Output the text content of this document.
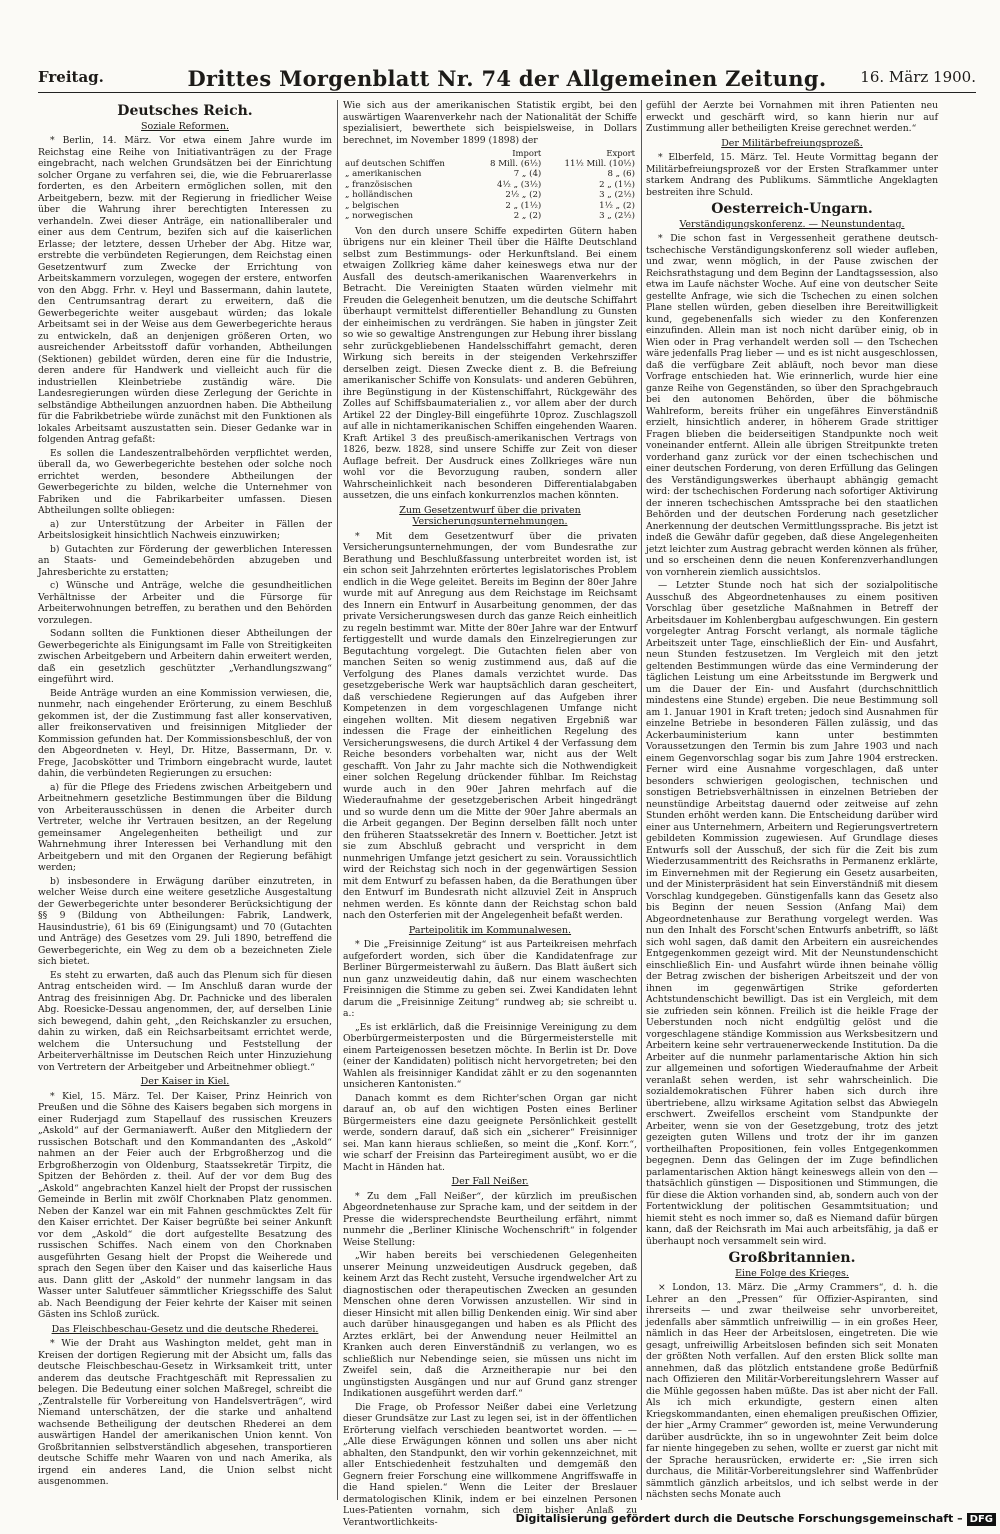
Freitag.	Drittes Morgenblatt Nr. 74 der Allgemeinen Zeitung.	16. März 1900.
Deutsches Reich.
Soziale Reformen.

* Berlin, 14. März. Vor etwa einem Jahre wurde im Reichstag eine Reihe von Initiativanträgen zu der Frage eingebracht, nach welchen Grundsätzen bei der Einrichtung solcher Organe zu verfahren sei, die, wie die Februarerlasse forderten, es den Arbeitern ermöglichen sollen, mit den Arbeitgebern, bezw. mit der Regierung in friedlicher Weise über die Wahrung ihrer berechtigten Interessen zu verhandeln. Zwei dieser Anträge, ein nationalliberaler und einer aus dem Centrum, bezifen sich auf die kaiserlichen Erlasse; der letztere, dessen Urheber der Abg. Hitze war, erstrebte die verbündeten Regierungen, dem Reichstag einen Gesetzentwurf zum Zwecke der Errichtung von Arbeitskammern vorzulegen, wogegen der erstere, entworfen von den Abgg. Frhr. v. Heyl und Bassermann, dahin lautete, den Centrumsantrag derart zu erweitern, daß die Gewerbegerichte weiter ausgebaut würden; das lokale Arbeitsamt sei in der Weise aus dem Gewerbegerichte heraus zu entwickeln, daß an denjenigen größeren Orten, wo ausreichender Arbeitsstoff dafür vorhanden, Abtheilungen (Sektionen) gebildet würden, deren eine für die Industrie, deren andere für Handwerk und vielleicht auch für die industriellen Kleinbetriebe zuständig wäre. Die Landesregierungen würden diese Zerlegung der Gerichte in selbständige Abtheilungen anzuordnen haben. Die Abtheilung für die Fabrikbetriebe würde zunächst mit den Funktionen als lokales Arbeitsamt auszustatten sein. Dieser Gedanke war in folgenden Antrag gefaßt:

Es sollen die Landeszentralbehörden verpflichtet werden, überall da, wo Gewerbegerichte bestehen oder solche noch errichtet werden, besondere Abtheilungen der Gewerbegerichte zu bilden, welche die Unternehmer von Fabriken und die Fabrikarbeiter umfassen. Diesen Abtheilungen sollte obliegen:

a) zur Unterstützung der Arbeiter in Fällen der Arbeitslosigkeit hinsichtlich Nachweis einzuwirken;

b) Gutachten zur Förderung der gewerblichen Interessen an Staats- und Gemeindebehörden abzugeben und Jahresberichte zu erstatten;

c) Wünsche und Anträge, welche die gesundheitlichen Verhältnisse der Arbeiter und die Fürsorge für Arbeiterwohnungen betreffen, zu berathen und den Behörden vorzulegen.

Sodann sollten die Funktionen dieser Abtheilungen der Gewerbegerichte als Einigungsamt im Falle von Streitigkeiten zwischen Arbeitgebern und Arbeitern dahin erweitert werden, daß ein gesetzlich geschützter „Verhandlungszwang“ eingeführt wird.

Beide Anträge wurden an eine Kommission verwiesen, die, nunmehr, nach eingehender Erörterung, zu einem Beschluß gekommen ist, der die Zustimmung fast aller konservativen, aller freikonservativen und freisinnigen Mitglieder der Kommission gefunden hat. Der Kommissionsbeschluß, der von den Abgeordneten v. Heyl, Dr. Hitze, Bassermann, Dr. v. Frege, Jacobskötter und Trimborn eingebracht wurde, lautet dahin, die verbündeten Regierungen zu ersuchen:

a) für die Pflege des Friedens zwischen Arbeitgebern und Arbeitnehmern gesetzliche Bestimmungen über die Bildung von Arbeiterausschüssen in denen die Arbeiter durch Vertreter, welche ihr Vertrauen besitzen, an der Regelung gemeinsamer Angelegenheiten betheiligt und zur Wahrnehmung ihrer Interessen bei Verhandlung mit den Arbeitgebern und mit den Organen der Regierung befähigt werden;

b) insbesondere in Erwägung darüber einzutreten, in welcher Weise durch eine weitere gesetzliche Ausgestaltung der Gewerbegerichte unter besonderer Berücksichtigung der §§ 9 (Bildung von Abtheilungen: Fabrik, Landwerk, Hausindustrie), 61 bis 69 (Einigungsamt) und 70 (Gutachten und Anträge) des Gesetzes vom 29. Juli 1890, betreffend die Gewerbegerichte, ein Weg zu dem ob a bezeichneten Ziele sich bietet.

Es steht zu erwarten, daß auch das Plenum sich für diesen Antrag entscheiden wird. — Im Anschluß daran wurde der Antrag des freisinnigen Abg. Dr. Pachnicke und des liberalen Abg. Roesicke-Dessau angenommen, der, auf derselben Linie sich bewegend, dahin geht, „den Reichskanzler zu ersuchen, dahin zu wirken, daß ein Reichsarbeitsamt errichtet werde, welchem die Untersuchung und Feststellung der Arbeiterverhältnisse im Deutschen Reich unter Hinzuziehung von Vertretern der Arbeitgeber und Arbeitnehmer obliegt.“

Der Kaiser in Kiel.

* Kiel, 15. März. Tel. Der Kaiser, Prinz Heinrich von Preußen und die Söhne des Kaisers begaben sich morgens in einer Ruderjagd zum Stapellauf des russischen Kreuzers „Askold“ auf der Germaniawerft. Außer den Mitgliedern der russischen Botschaft und den Kommandanten des „Askold“ nahmen an der Feier auch der Erbgroßherzog und die Erbgroßherzogin von Oldenburg, Staatssekretär Tirpitz, die Spitzen der Behörden z. theil. Auf der vor dem Bug des „Askold“ angebrachten Kanzel hielt der Propst der russischen Gemeinde in Berlin mit zwölf Chorknaben Platz genommen. Neben der Kanzel war ein mit Fahnen geschmücktes Zelt für den Kaiser errichtet. Der Kaiser begrüßte bei seiner Ankunft vor dem „Askold“ die dort aufgestellte Besatzung des russischen Schiffes. Nach einem von den Chorknaben ausgeführten Gesang hielt der Propst die Weiherede und sprach den Segen über den Kaiser und das kaiserliche Haus aus. Dann glitt der „Askold“ der nunmehr langsam in das Wasser unter Salutfeuer sämmtlicher Kriegsschiffe des Salut ab. Nach Beendigung der Feier kehrte der Kaiser mit seinen Gästen ins Schloß zurück.

Das Fleischbeschau-Gesetz und die deutsche Rhederei.

* Wie der Draht aus Washington meldet, geht man in Kreisen der dortigen Regierung mit der Absicht um, falls das deutsche Fleischbeschau-Gesetz in Wirksamkeit tritt, unter anderem das deutsche Frachtgeschäft mit Repressalien zu belegen. Die Bedeutung einer solchen Maßregel, schreibt die „Zentralstelle für Vorbereitung von Handelsverträgen“, wird Niemand unterschätzen, der die starke und anhaltend wachsende Betheiligung der deutschen Rhederei an dem auswärtigen Handel der amerikanischen Union kennt. Von Großbritannien selbstverständlich abgesehen, transportieren deutsche Schiffe mehr Waaren von und nach Amerika, als irgend ein anderes Land, die Union selbst nicht ausgenommen.

Wie sich aus der amerikanischen Statistik ergibt, bei den auswärtigen Waarenverkehr nach der Nationalität der Schiffe spezialisiert, bewerthete sich beispielsweise, in Dollars berechnet, im November 1899 (1898) der

	Import	Export
auf deutschen Schiffen	8 Mill. (6½)	11½ Mill. (10½)
„ amerikanischen	7 „ (4)	8 „ (6)
„ französischen	4½ „ (3½)	2 „ (1½)
„ holländischen	2½ „ (2)	3 „ (2½)
„ belgischen	2 „ (1½)	1½ „ (2)
„ norwegischen	2 „ (2)	3 „ (2½)

Von den durch unsere Schiffe expedirten Gütern haben übrigens nur ein kleiner Theil über die Hälfte Deutschland selbst zum Bestimmungs- oder Herkunftsland. Bei einem etwaigen Zollkrieg käme daher keineswegs etwa nur der Ausfall des deutsch-amerikanischen Waarenverkehrs in Betracht. Die Vereinigten Staaten würden vielmehr mit Freuden die Gelegenheit benutzen, um die deutsche Schiffahrt überhaupt vermittelst differentieller Behandlung zu Gunsten der einheimischen zu verdrängen. Sie haben in jüngster Zeit so wie so gewaltige Anstrengungen zur Hebung ihrer bisslang sehr zurückgebliebenen Handelsschiffahrt gemacht, deren Wirkung sich bereits in der steigenden Verkehrsziffer derselben zeigt. Diesen Zwecke dient z. B. die Befreiung amerikanischer Schiffe von Konsulats- und anderen Gebühren, ihre Begünstigung in der Küstenschiffahrt, Rückgewähr des Zolles auf Schiffsbaumaterialien z., vor allem aber der durch Artikel 22 der Dingley-Bill eingeführte 10proz. Zuschlagszoll auf alle in nichtamerikanischen Schiffen eingehenden Waaren. Kraft Artikel 3 des preußisch-amerikanischen Vertrags von 1826, bezw. 1828, sind unsere Schiffe zur Zeit von dieser Auflage befreit. Der Ausdruck eines Zollkrieges wäre nun wohl vor die Bevorzugung rauben, sondern aller Wahrscheinlichkeit nach besonderen Differentialabgaben aussetzen, die uns einfach konkurrenzlos machen könnten.

Zum Gesetzentwurf über die privaten Versicherungsunternehmungen.

* Mit dem Gesetzentwurf über die privaten Versicherungsunternehmungen, der vom Bundesrathe zur Berathung und Beschlußfassung unterbreitet worden ist, ist ein schon seit Jahrzehnten erörtertes legislatorisches Problem endlich in die Wege geleitet. Bereits im Beginn der 80er Jahre wurde mit auf Anregung aus dem Reichstage im Reichsamt des Innern ein Entwurf in Ausarbeitung genommen, der das private Versicherungswesen durch das ganze Reich einheitlich zu regeln bestimmt war. Mitte der 80er Jahre war der Entwurf fertiggestellt und wurde damals den Einzelregierungen zur Begutachtung vorgelegt. Die Gutachten fielen aber von manchen Seiten so wenig zustimmend aus, daß auf die Verfolgung des Planes damals verzichtet wurde. Das gesetzgeberische Werk war hauptsächlich daran gescheitert, daß verschiedene Regierungen auf das Aufgeben ihrer Kompetenzen in dem vorgeschlagenen Umfange nicht eingehen wollten. Mit diesem negativen Ergebniß war indessen die Frage der einheitlichen Regelung des Versicherungswesens, die durch Artikel 4 der Verfassung dem Reiche besonders vorbehalten war, nicht aus der Welt geschafft. Von Jahr zu Jahr machte sich die Nothwendigkeit einer solchen Regelung drückender fühlbar. Im Reichstag wurde auch in den 90er Jahren mehrfach auf die Wiederaufnahme der gesetzgeberischen Arbeit hingedrängt und so wurde denn um die Mitte der 90er Jahre abermals an die Arbeit gegangen. Der Beginn derselben fällt noch unter den früheren Staatssekretär des Innern v. Boetticher. Jetzt ist sie zum Abschluß gebracht und verspricht in dem nunmehrigen Umfange jetzt gesichert zu sein. Voraussichtlich wird der Reichstag sich noch in der gegenwärtigen Session mit dem Entwurf zu befassen haben, da die Berathungen über den Entwurf im Bundesrath nicht allzuviel Zeit in Anspruch nehmen werden. Es könnte dann der Reichstag schon bald nach den Osterferien mit der Angelegenheit befaßt werden.

Parteipolitik im Kommunalwesen.

* Die „Freisinnige Zeitung“ ist aus Parteikreisen mehrfach aufgefordert worden, sich über die Kandidatenfrage zur Berliner Bürgermeisterwahl zu äußern. Das Blatt äußert sich nun ganz unzweideutig dahin, daß nur einem waschechten Freisinnigen die Stimme zu geben sei. Zwei Kandidaten lehnt darum die „Freisinnige Zeitung“ rundweg ab; sie schreibt u. a.:

„Es ist erklärlich, daß die Freisinnige Vereinigung zu dem Oberbürgermeisterposten und die Bürgermeisterstelle mit einem Parteigenossen besetzen möchte. In Berlin ist Dr. Dove (einer der Kandidaten) politisch nicht hervorgetreten; bei den Wahlen als freisinniger Kandidat zählt er zu den sogenannten unsicheren Kantonisten.“

Danach kommt es dem Richter'schen Organ gar nicht darauf an, ob auf den wichtigen Posten eines Berliner Bürgermeisters eine dazu geeignete Persönlichkeit gestellt werde, sondern darauf, daß sich ein „sicherer“ Freisinniger sei. Man kann hieraus schließen, so meint die „Konf. Korr.“, wie scharf der Freisinn das Parteiregiment ausübt, wo er die Macht in Händen hat.

Der Fall Neißer.

* Zu dem „Fall Neißer“, der kürzlich im preußischen Abgeordnetenhause zur Sprache kam, und der seitdem in der Presse die widersprechendste Beurtheilung erfährt, nimmt nunmehr die „Berliner Klinische Wochenschrift“ in folgender Weise Stellung:

„Wir haben bereits bei verschiedenen Gelegenheiten unserer Meinung unzweideutigen Ausdruck gegeben, daß keinem Arzt das Recht zusteht, Versuche irgendwelcher Art zu diagnostischen oder therapeutischen Zwecken an gesunden Menschen ohne deren Vorwissen anzustellen. Wir sind in dieser Hinsicht mit allen billig Denkenden einig. Wir sind aber auch darüber hinausgegangen und haben es als Pflicht des Arztes erklärt, bei der Anwendung neuer Heilmittel an Kranken auch deren Einverständniß zu verlangen, wo es schließlich nur Nebendinge seien, sie müssen uns nicht im Zweifel sein, daß die Arzneitherapie nur bei den ungünstigsten Ausgängen und nur auf Grund ganz strenger Indikationen ausgeführt werden darf.“

Die Frage, ob Professor Neißer dabei eine Verletzung dieser Grundsätze zur Last zu legen sei, ist in der öffentlichen Erörterung vielfach verschieden beantwortet worden. — — „Alle diese Erwägungen können und sollen uns aber nicht abhalten, den Standpunkt, den wir vorhin gekennzeichnet, mit aller Entschiedenheit festzuhalten und demgemäß den Gegnern freier Forschung eine willkommene Angriffswaffe in die Hand spielen.“ Wenn die Leiter der Breslauer dermatologischen Klinik, indem er bei einzelnen Personen Lues-Patienten vornahm, sich dem bisher Anlaß zu Verantwortlichkeits-

gefühl der Aerzte bei Vornahmen mit ihren Patienten neu erweckt und geschärft wird, so kann hierin nur auf Zustimmung aller betheiligten Kreise gerechnet werden.“

Der Militärbefreiungsprozeß.

* Elberfeld, 15. März. Tel. Heute Vormittag begann der Militärbefreiungsprozeß vor der Ersten Strafkammer unter starkem Andrang des Publikums. Sämmtliche Angeklagten bestreiten ihre Schuld.

Oesterreich-Ungarn.
Verständigungskonferenz. — Neunstundentag.

* Die schon fast in Vergessenheit gerathene deutsch-tschechische Verständigungskonferenz soll wieder aufleben, und zwar, wenn möglich, in der Pause zwischen der Reichsrathstagung und dem Beginn der Landtagssession, also etwa im Laufe nächster Woche. Auf eine von deutscher Seite gestellte Anfrage, wie sich die Tschechen zu einen solchen Plane stellen würden, geben dieselben ihre Bereitwilligkeit kund, gegebenenfalls sich wieder zu den Konferenzen einzufinden. Allein man ist noch nicht darüber einig, ob in Wien oder in Prag verhandelt werden soll — den Tschechen wäre jedenfalls Prag lieber — und es ist nicht ausgeschlossen, daß die verfügbare Zeit abläuft, noch bevor man diese Vorfrage entschieden hat. Wie erinnerlich, wurde hier eine ganze Reihe von Gegenständen, so über den Sprachgebrauch bei den autonomen Behörden, über die böhmische Wahlreform, bereits früher ein ungefähres Einverständniß erzielt, hinsichtlich anderer, in höherem Grade strittiger Fragen blieben die beiderseitigen Standpunkte noch weit voneinander entfernt. Allein alle übrigen Streitpunkte treten vorderhand ganz zurück vor der einen tschechischen und einer deutschen Forderung, von deren Erfüllung das Gelingen des Verständigungswerkes überhaupt abhängig gemacht wird: der tschechischen Forderung nach sofortiger Aktivirung der inneren tschechischen Amtssprache bei den staatlichen Behörden und der deutschen Forderung nach gesetzlicher Anerkennung der deutschen Vermittlungssprache. Bis jetzt ist indeß die Gewähr dafür gegeben, daß diese Angelegenheiten jetzt leichter zum Austrag gebracht werden können als früher, und so erscheinen denn die neuen Konferenzverhandlungen von vornherein ziemlich aussichtslos.

— Letzter Stunde noch hat sich der sozialpolitische Ausschuß des Abgeordnetenhauses zu einem positiven Vorschlag über gesetzliche Maßnahmen in Betreff der Arbeitsdauer im Kohlenbergbau aufgeschwungen. Ein gestern vorgelegter Antrag Forscht verlangt, als normale tägliche Arbeitszeit unter Tage, einschließlich der Ein- und Ausfahrt, neun Stunden festzusetzen. Im Vergleich mit den jetzt geltenden Bestimmungen würde das eine Verminderung der täglichen Leistung um eine Arbeitsstunde im Bergwerk und um die Dauer der Ein- und Ausfahrt (durchschnittlich mindestens eine Stunde) ergeben. Die neue Bestimmung soll am 1. Januar 1901 in Kraft treten; jedoch sind Ausnahmen für einzelne Betriebe in besonderen Fällen zulässig, und das Ackerbauministerium kann unter bestimmten Voraussetzungen den Termin bis zum Jahre 1903 und nach einem Gegenvorschlag sogar bis zum Jahre 1904 erstrecken. Ferner wird eine Ausnahme vorgeschlagen, daß unter besonders schwierigen geologischen, technischen und sonstigen Betriebsverhältnissen in einzelnen Betrieben der neunstündige Arbeitstag dauernd oder zeitweise auf zehn Stunden erhöht werden kann. Die Entscheidung darüber wird einer aus Unternehmern, Arbeitern und Regierungsvertretern gebildeten Kommission zugewiesen. Auf Grundlage dieses Entwurfs soll der Ausschuß, der sich für die Zeit bis zum Wiederzusammentritt des Reichsraths in Permanenz erklärte, im Einvernehmen mit der Regierung ein Gesetz ausarbeiten, und der Ministerpräsident hat sein Einverständniß mit diesem Vorschlag kundgegeben. Günstigenfalls kann das Gesetz also bis Beginn der neuen Session (Anfang Mai) dem Abgeordnetenhause zur Berathung vorgelegt werden. Was nun den Inhalt des Forscht'schen Entwurfs anbetrifft, so läßt sich wohl sagen, daß damit den Arbeitern ein ausreichendes Entgegenkommen gezeigt wird. Mit der Neunstundenschicht einschließlich Ein- und Ausfahrt würde ihnen beinahe völlig der Betrag zwischen der bisherigen Arbeitszeit und der von ihnen im gegenwärtigen Strike geforderten Achtstundenschicht bewilligt. Das ist ein Vergleich, mit dem sie zufrieden sein können. Freilich ist die heikle Frage der Ueberstunden noch nicht endgültig gelöst und die vorgeschlagene ständige Kommission aus Werksbesitzern und Arbeitern keine sehr vertrauenerweckende Institution. Da die Arbeiter auf die nunmehr parlamentarische Aktion hin sich zur allgemeinen und sofortigen Wiederaufnahme der Arbeit veranlaßt sehen werden, ist sehr wahrscheinlich. Die sozialdemokratischen Führer haben sich durch ihre übertriebene, allzu wirksame Agitation selbst das Abwiegeln erschwert. Zweifellos erscheint vom Standpunkte der Arbeiter, wenn sie von der Gesetzgebung, trotz des jetzt gezeigten guten Willens und trotz der ihr im ganzen vortheilhaften Propositionen, fein volles Entgegenkommen begegnen. Denn das Gelingen der im Zuge befindlichen parlamentarischen Aktion hängt keineswegs allein von den — thatsächlich günstigen — Dispositionen und Stimmungen, die für diese die Aktion vorhanden sind, ab, sondern auch von der Fortentwicklung der politischen Gesammtsituation; und hiemit steht es noch immer so, daß es Niemand dafür bürgen kann, daß der Reichsrath im Mai auch arbeitsfähig, ja daß er überhaupt noch versammelt sein wird.

Großbritannien.
Eine Folge des Krieges.

× London, 13. März. Die „Army Crammers“, d. h. die Lehrer an den „Pressen“ für Offizier-Aspiranten, sind ihrerseits — und zwar theilweise sehr unvorbereitet, jedenfalls aber sämmtlich unfreiwillig — in ein großes Heer, nämlich in das Heer der Arbeitslosen, eingetreten. Die wie gesagt, unfreiwillig Arbeitslosen befinden sich seit Monaten der größten Noth verfallen. Auf den ersten Blick sollte man annehmen, daß das plötzlich entstandene große Bedürfniß nach Offizieren den Militär-Vorbereitungslehrern Wasser auf die Mühle gegossen haben müßte. Das ist aber nicht der Fall. Als ich mich erkundigte, gestern einen alten Kriegskommandanten, einen ehemaligen preußischen Offizier, der hier „Army Crammer“ geworden ist, meine Verwunderung darüber ausdrückte, ihn so in ungewohnter Zeit beim dolce far niente hingegeben zu sehen, wollte er zuerst gar nicht mit der Sprache herausrücken, erwiderte er: „Sie irren sich durchaus, die Militär-Vorbereitungslehrer sind Waffenbrüder sämmtlich gänzlich arbeitslos, und ich selbst werde in der nächsten sechs Monate auch

Digitalisierung gefördert durch die Deutsche Forschungsgemeinschaft – DFG
